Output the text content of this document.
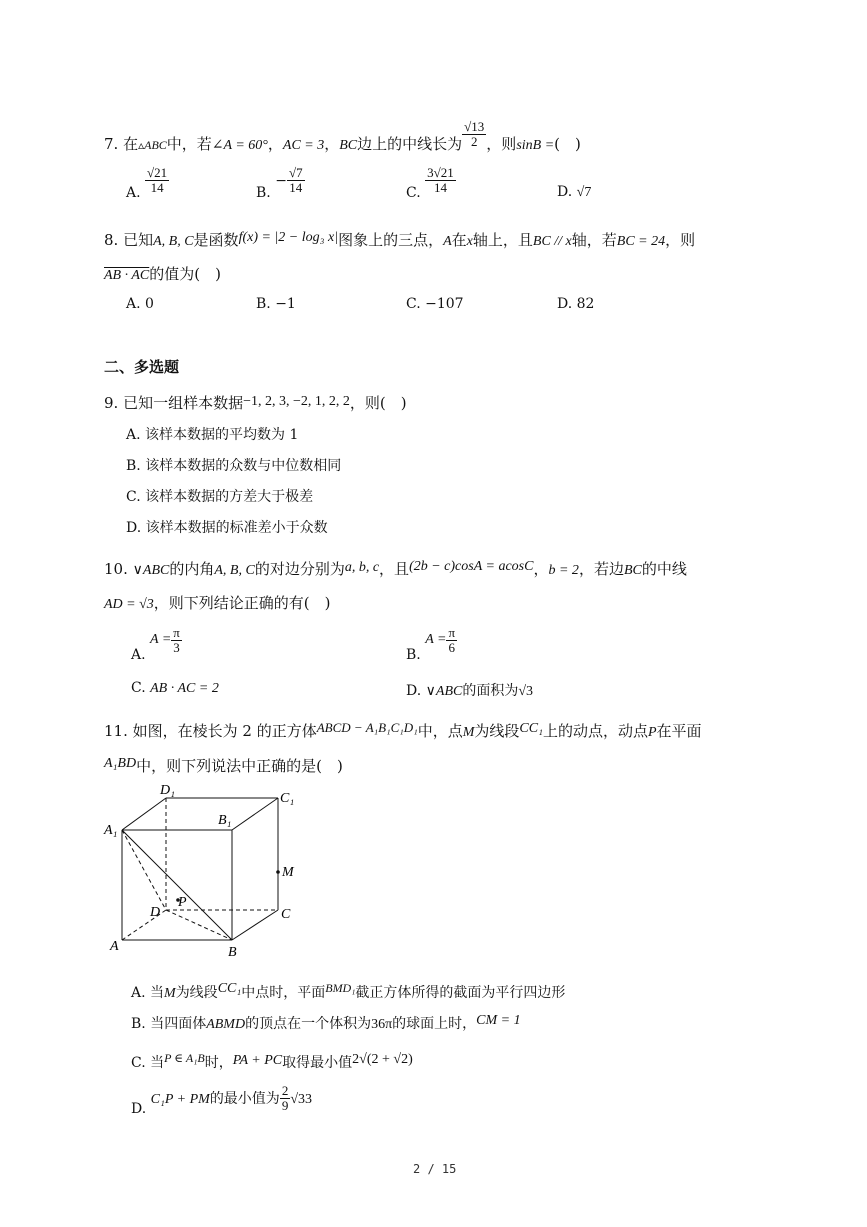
7. 在▵ABC中，若∠A = 60°，AC = 3，BC边上的中线长为 $\frac{√13}{2}$ ，则sinB =(　)
A. $\frac{√21}{14}$	B. − $\frac{√7}{14}$	C. $\frac{3√21}{14}$	D. √7
8. 已知A, B, C是函数f(x) = |2 − log₃ x|图象上的三点，A在x轴上，且BC // x轴，若BC = 24，则
AB · AC的值为(　)
A. 0	B. −1	C. −107	D. 82
二、多选题
9. 已知一组样本数据−1, 2, 3, −2, 1, 2, 2，则(　)
A. 该样本数据的平均数为 1
B. 该样本数据的众数与中位数相同
C. 该样本数据的方差大于极差
D. 该样本数据的标准差小于众数
10. ∨ABC的内角A, B, C的对边分别为a, b, c，且(2b − c)cosA = acosC，b = 2，若边BC的中线
AD = √3，则下列结论正确的有(　)
A. $A = \frac{\pi}{3}$	B. $A = \frac{\pi}{6}$
C. AB · AC = 2	D. ∨ABC的面积为√3
11. 如图，在棱长为 2 的正方体ABCD − A₁B₁C₁D₁中，点M为线段CC₁上的动点，动点P在平面
A₁BD中，则下列说法中正确的是(　)
D₁
C₁
B₁
A₁
M
P
D	C
A	B
A. 当M为线段CC₁中点时，平面BMD₁截正方体所得的截面为平行四边形
B. 当四面体ABMD的顶点在一个体积为36π的球面上时，CM = 1
C. 当P ∈ A₁B时，PA + PC取得最小值2√(2 + √2)
D. C₁P + PM的最小值为 $\frac{2}{9} √33$
2 / 15
